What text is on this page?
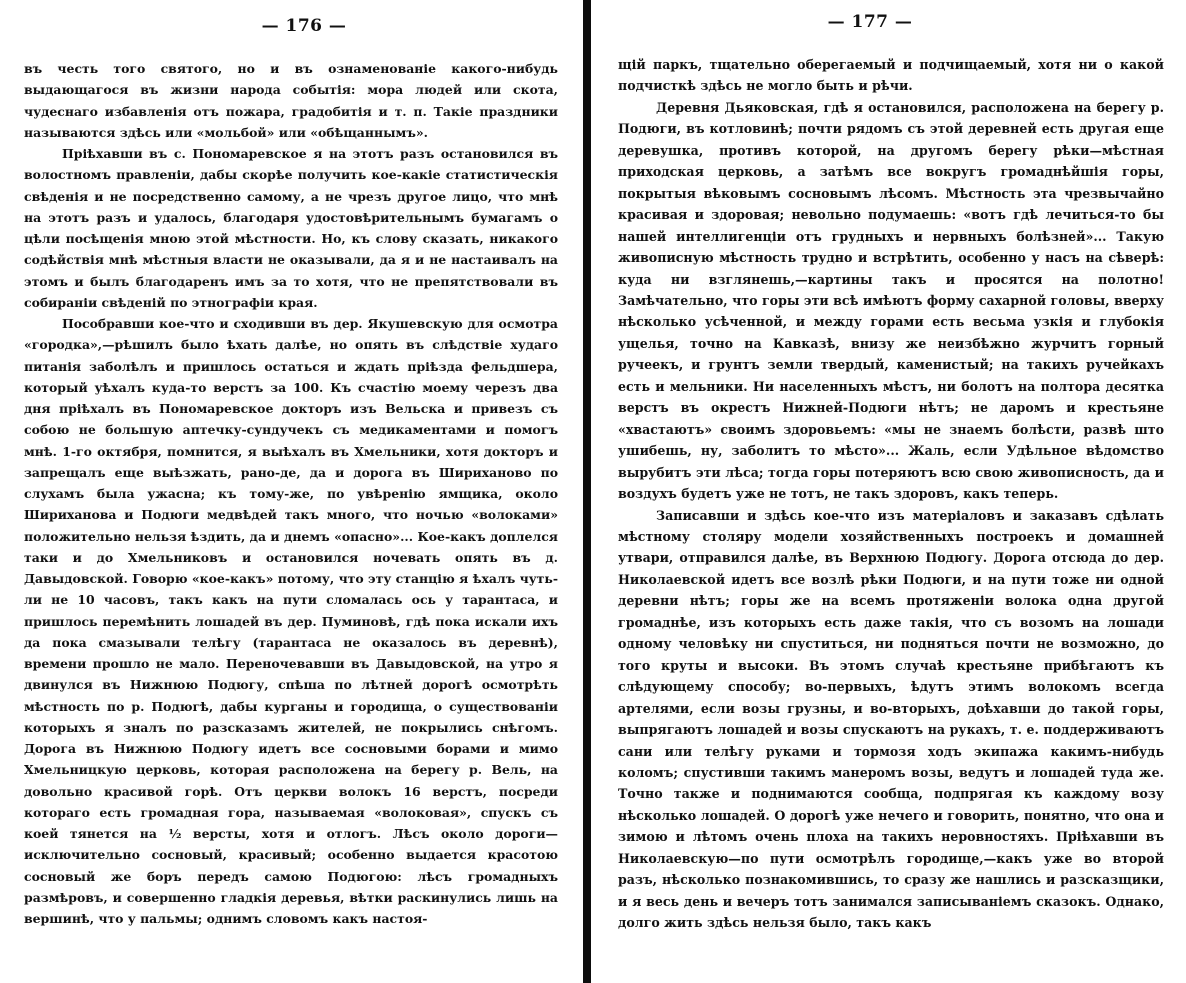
— 176 —

въ честь того святого, но и въ ознаменованіе какого-нибудь выдающагося въ жизни народа событія: мора людей или скота, чудеснаго избавленія отъ пожара, градобитія и т. п. Такіе праздники называются здѣсь или «мольбой» или «обѣщаннымъ».

Пріѣхавши въ с. Пономаревское я на этотъ разъ остановился въ волостномъ правленіи, дабы скорѣе получить кое-какіе статистическія свѣденія и не посредственно самому, а не чрезъ другое лицо, что мнѣ на этотъ разъ и удалось, благодаря удостовѣрительнымъ бумагамъ о цѣли посѣщенія мною этой мѣстности. Но, къ слову сказать, никакого содѣйствія мнѣ мѣстныя власти не оказывали, да я и не настаивалъ на этомъ и былъ благодаренъ имъ за то хотя, что не препятствовали въ собираніи свѣденій по этнографіи края.

Пособравши кое-что и сходивши въ дер. Якушевскую для осмотра «городка»,—рѣшилъ было ѣхать далѣе, но опять въ слѣдствіе худаго питанія заболѣлъ и пришлось остаться и ждать пріѣзда фельдшера, который уѣхалъ куда-то верстъ за 100. Къ счастію моему черезъ два дня пріѣхалъ въ Пономаревское докторъ изъ Вельска и привезъ съ собою не большую аптечку-сундучекъ съ медикаментами и помогъ мнѣ. 1-го октября, помнится, я выѣхалъ въ Хмельники, хотя докторъ и запрещалъ еще выѣзжать, рано-де, да и дорога въ Шириханово по слухамъ была ужасна; къ тому-же, по увѣренію ямщика, около Шириханова и Подюги медвѣдей такъ много, что ночью «волоками» положительно нельзя ѣздить, да и днемъ «опасно»... Кое-какъ доплелся таки и до Хмельниковъ и остановился ночевать опять въ д. Давыдовской. Говорю «кое-какъ» потому, что эту станцію я ѣхалъ чуть-ли не 10 часовъ, такъ какъ на пути сломалась ось у тарантаса, и пришлось перемѣнить лошадей въ дер. Пуминовѣ, гдѣ пока искали ихъ да пока смазывали телѣгу (тарантаса не оказалось въ деревнѣ), времени прошло не мало. Переночевавши въ Давыдовской, на утро я двинулся въ Нижнюю Подюгу, спѣша по лѣтней дорогѣ осмотрѣть мѣстность по р. Подюгѣ, дабы курганы и городища, о существованіи которыхъ я зналъ по разсказамъ жителей, не покрылись снѣгомъ. Дорога въ Нижнюю Подюгу идетъ все сосновыми борами и мимо Хмельницкую церковь, которая расположена на берегу р. Вель, на довольно красивой горѣ. Отъ церкви волокъ 16 верстъ, посреди котораго есть громадная гора, называемая «волоковая», спускъ съ коей тянется на ½ версты, хотя и отлогъ. Лѣсъ около дороги—исключительно сосновый, красивый; особенно выдается красотою сосновый же боръ передъ самою Подюгою: лѣсъ громадныхъ размѣровъ, и совершенно гладкія деревья, вѣтки раскинулись лишь на вершинѣ, что у пальмы; однимъ словомъ какъ настоя-

— 177 —

щій паркъ, тщательно оберегаемый и подчищаемый, хотя ни о какой подчисткѣ здѣсь не могло быть и рѣчи.

Деревня Дьяковская, гдѣ я остановился, расположена на берегу р. Подюги, въ котловинѣ; почти рядомъ съ этой деревней есть другая еще деревушка, противъ которой, на другомъ берегу рѣки—мѣстная приходская церковь, а затѣмъ все вокругъ громаднѣйшія горы, покрытыя вѣковымъ сосновымъ лѣсомъ. Мѣстность эта чрезвычайно красивая и здоровая; невольно подумаешь: «вотъ гдѣ лечиться-то бы нашей интеллигенціи отъ грудныхъ и нервныхъ болѣзней»... Такую живописную мѣстность трудно и встрѣтить, особенно у насъ на сѣверѣ: куда ни взглянешь,—картины такъ и просятся на полотно! Замѣчательно, что горы эти всѣ имѣютъ форму сахарной головы, вверху нѣсколько усѣченной, и между горами есть весьма узкія и глубокія ущелья, точно на Кавказѣ, внизу же неизбѣжно журчитъ горный ручеекъ, и грунтъ земли твердый, каменистый; на такихъ ручейкахъ есть и мельники. Ни населенныхъ мѣстъ, ни болотъ на полтора десятка верстъ въ окрестъ Нижней-Подюги нѣтъ; не даромъ и крестьяне «хвастаютъ» своимъ здоровьемъ: «мы не знаемъ болѣсти, развѣ што ушибешь, ну, заболитъ то мѣсто»... Жаль, если Удѣльное вѣдомство вырубитъ эти лѣса; тогда горы потеряютъ всю свою живописность, да и воздухъ будетъ уже не тотъ, не такъ здоровъ, какъ теперь.

Записавши и здѣсь кое-что изъ матеріаловъ и заказавъ сдѣлать мѣстному столяру модели хозяйственныхъ построекъ и домашней утвари, отправился далѣе, въ Верхнюю Подюгу. Дорога отсюда до дер. Николаевской идетъ все возлѣ рѣки Подюги, и на пути тоже ни одной деревни нѣтъ; горы же на всемъ протяженіи волока одна другой громаднѣе, изъ которыхъ есть даже такія, что съ возомъ на лошади одному человѣку ни спуститься, ни подняться почти не возможно, до того круты и высоки. Въ этомъ случаѣ крестьяне прибѣгаютъ къ слѣдующему способу; во-первыхъ, ѣдутъ этимъ волокомъ всегда артелями, если возы грузны, и во-вторыхъ, доѣхавши до такой горы, выпрягаютъ лошадей и возы спускаютъ на рукахъ, т. е. поддерживаютъ сани или телѣгу руками и тормозя ходъ экипажа какимъ-нибудь коломъ; спустивши такимъ манеромъ возы, ведутъ и лошадей туда же. Точно также и поднимаются сообща, подпрягая къ каждому возу нѣсколько лошадей. О дорогѣ уже нечего и говорить, понятно, что она и зимою и лѣтомъ очень плоха на такихъ неровностяхъ. Пріѣхавши въ Николаевскую—по пути осмотрѣлъ городище,—какъ уже во второй разъ, нѣсколько познакомившись, то сразу же нашлись и разсказщики, и я весь день и вечеръ тотъ занимался записываніемъ сказокъ. Однако, долго жить здѣсь нельзя было, такъ какъ
